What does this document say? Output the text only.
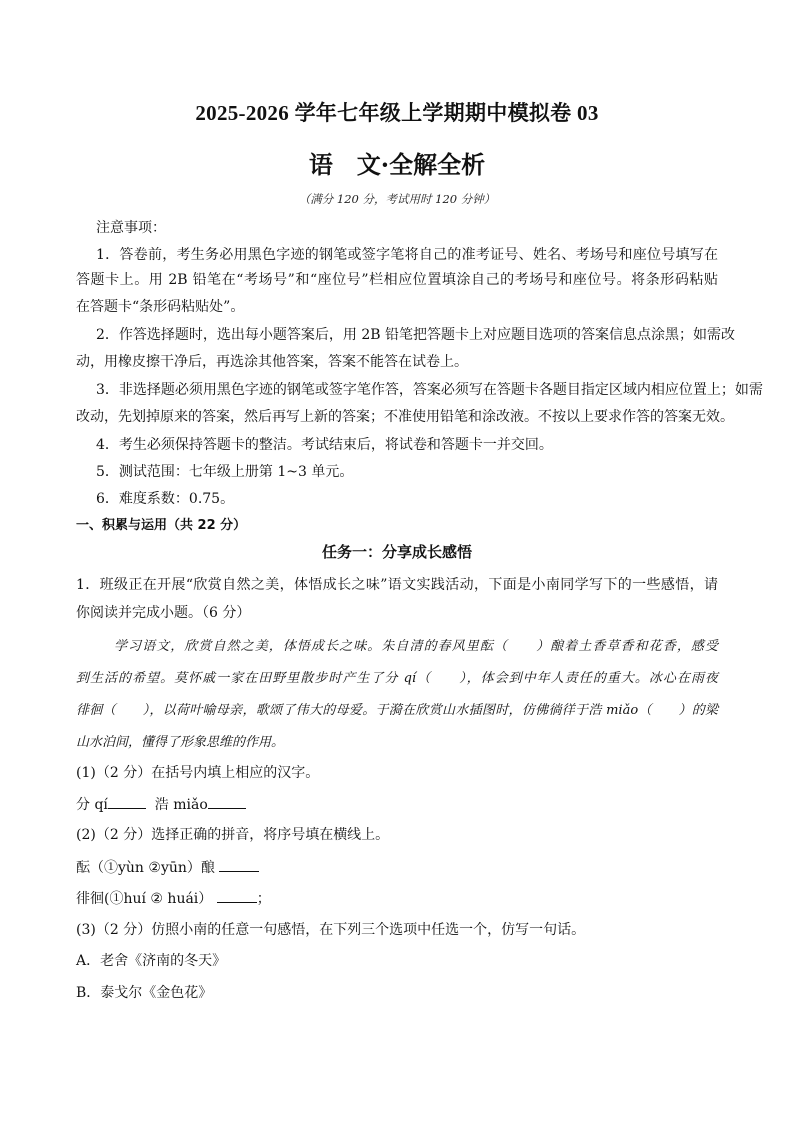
2025-2026 学年七年级上学期期中模拟卷 03
语　文·全解全析
（满分 120 分，考试用时 120 分钟）
注意事项：
1．答卷前，考生务必用黑色字迹的钢笔或签字笔将自己的准考证号、姓名、考场号和座位号填写在
答题卡上。用 2B 铅笔在“考场号”和“座位号”栏相应位置填涂自己的考场号和座位号。将条形码粘贴
在答题卡“条形码粘贴处”。
2．作答选择题时，选出每小题答案后，用 2B 铅笔把答题卡上对应题目选项的答案信息点涂黑；如需改
动，用橡皮擦干净后，再选涂其他答案，答案不能答在试卷上。
3．非选择题必须用黑色字迹的钢笔或签字笔作答，答案必须写在答题卡各题目指定区域内相应位置上；如需
改动，先划掉原来的答案，然后再写上新的答案；不准使用铅笔和涂改液。不按以上要求作答的答案无效。
4．考生必须保持答题卡的整洁。考试结束后，将试卷和答题卡一并交回。
5．测试范围：七年级上册第 1~3 单元。
6．难度系数：0.75。
一、积累与运用（共 22 分）
任务一：分享成长感悟
1．班级正在开展“欣赏自然之美，体悟成长之味”语文实践活动，下面是小南同学写下的一些感悟，请
你阅读并完成小题。（6 分）
学习语文，欣赏自然之美，体悟成长之味。朱自清的春风里酝（　　）酿着土香草香和花香，感受
到生活的希望。莫怀戚一家在田野里散步时产生了分 qí（　　），体会到中年人责任的重大。冰心在雨夜
徘徊（　　），以荷叶喻母亲，歌颂了伟大的母爱。于漪在欣赏山水插图时，仿佛徜徉于浩 miǎo（　　）的梁
山水泊间，懂得了形象思维的作用。
(1)（2 分）在括号内填上相应的汉字。
分 qí	浩 miǎo
(2)（2 分）选择正确的拼音，将序号填在横线上。
酝（①yùn ②yūn）酿
徘徊(①huí ② huái）	；
(3)（2 分）仿照小南的任意一句感悟，在下列三个选项中任选一个，仿写一句话。
A．老舍《济南的冬天》
B．泰戈尔《金色花》
